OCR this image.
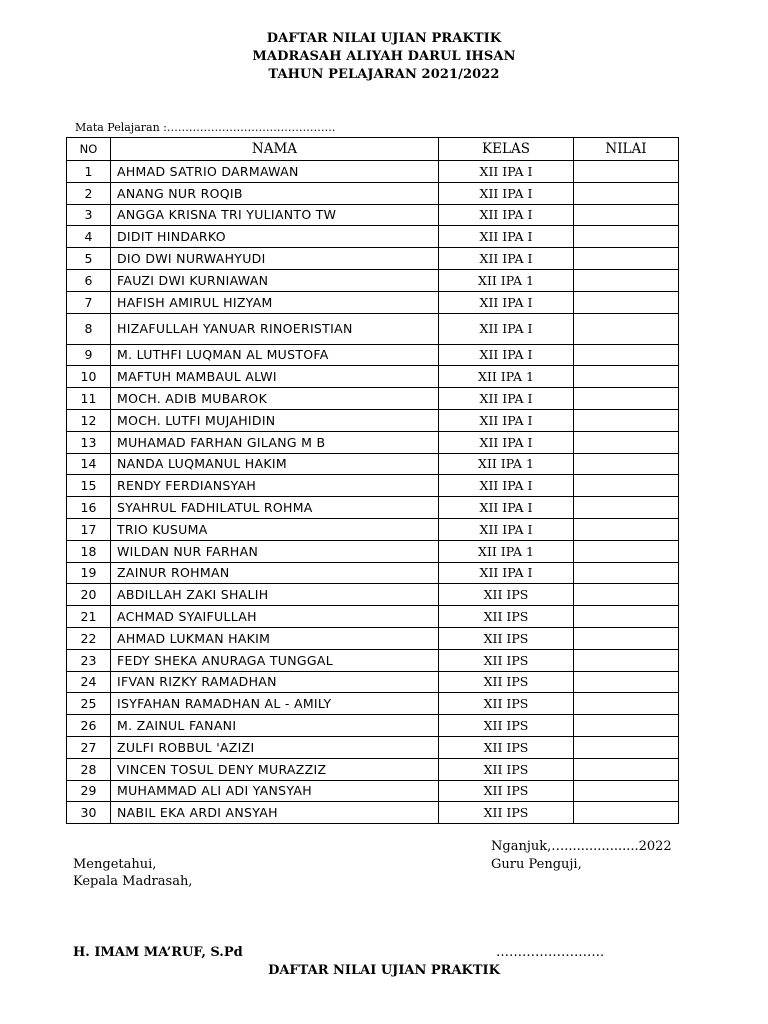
DAFTAR NILAI UJIAN PRAKTIK
MADRASAH ALIYAH DARUL IHSAN
TAHUN PELAJARAN 2021/2022
Mata Pelajaran :……………………………………….
NO	NAMA	KELAS	NILAI
1	AHMAD SATRIO DARMAWAN	XII IPA I	
2	ANANG NUR ROQIB	XII IPA I	
3	ANGGA KRISNA TRI YULIANTO TW	XII IPA I	
4	DIDIT HINDARKO	XII IPA I	
5	DIO DWI NURWAHYUDI	XII IPA I	
6	FAUZI DWI KURNIAWAN	XII IPA 1	
7	HAFISH AMIRUL HIZYAM	XII IPA I	
8	HIZAFULLAH YANUAR RINOERISTIAN	XII IPA I	
9	M. LUTHFI LUQMAN AL MUSTOFA	XII IPA I	
10	MAFTUH MAMBAUL ALWI	XII IPA 1	
11	MOCH. ADIB MUBAROK	XII IPA I	
12	MOCH. LUTFI MUJAHIDIN	XII IPA I	
13	MUHAMAD FARHAN GILANG M B	XII IPA I	
14	NANDA LUQMANUL HAKIM	XII IPA 1	
15	RENDY FERDIANSYAH	XII IPA I	
16	SYAHRUL FADHILATUL ROHMA	XII IPA I	
17	TRIO KUSUMA	XII IPA I	
18	WILDAN NUR FARHAN	XII IPA 1	
19	ZAINUR ROHMAN	XII IPA I	
20	ABDILLAH ZAKI SHALIH	XII IPS	
21	ACHMAD SYAIFULLAH	XII IPS	
22	AHMAD LUKMAN HAKIM	XII IPS	
23	FEDY SHEKA ANURAGA TUNGGAL	XII IPS	
24	IFVAN RIZKY RAMADHAN	XII IPS	
25	ISYFAHAN RAMADHAN AL - AMILY	XII IPS	
26	M. ZAINUL FANANI	XII IPS	
27	ZULFI ROBBUL 'AZIZI	XII IPS	
28	VINCEN TOSUL DENY MURAZZIZ	XII IPS	
29	MUHAMMAD ALI ADI YANSYAH	XII IPS	
30	NABIL EKA ARDI ANSYAH	XII IPS	
Nganjuk,…..................2022
Guru Penguji,
Mengetahui,
Kepala Madrasah,
H. IMAM MA’RUF, S.Pd	…………………….
DAFTAR NILAI UJIAN PRAKTIK
